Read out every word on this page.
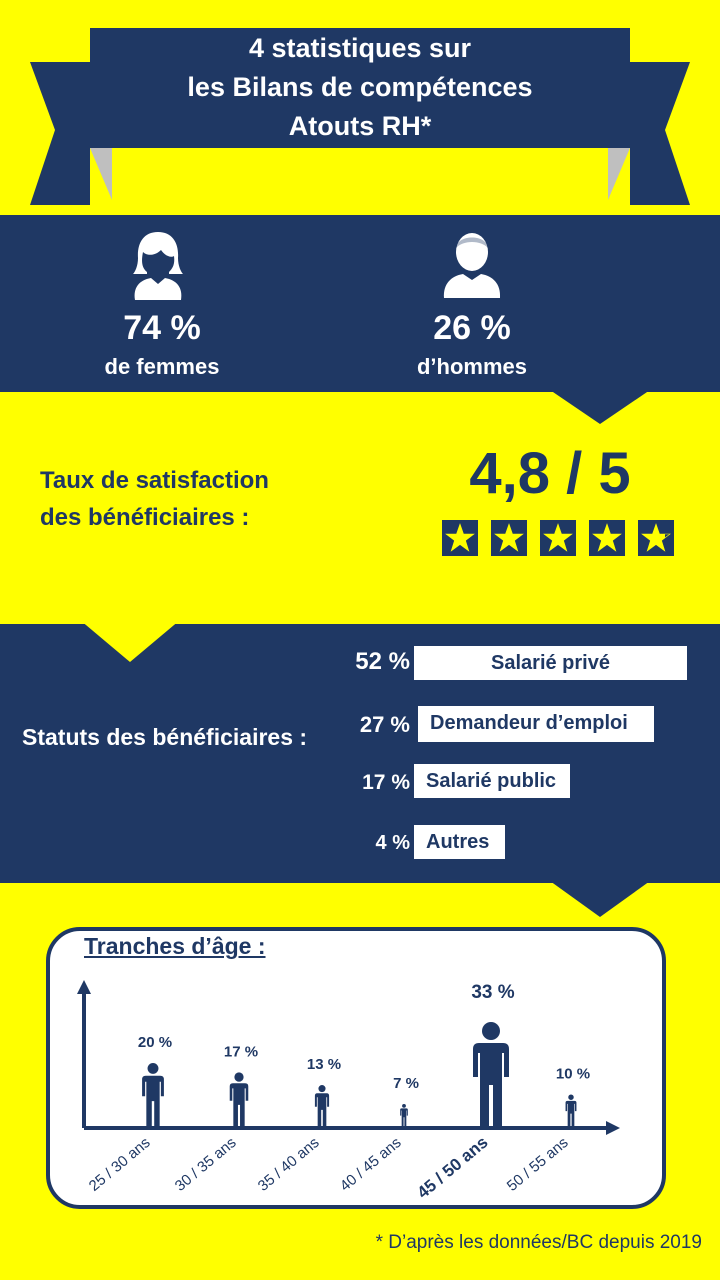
4 statistiques sur
les Bilans de compétences
Atouts RH*
74 %
de femmes
26 %
d’hommes
Taux de satisfaction
des bénéficiaires :
4,8 / 5
Statuts des bénéficiaires :
52 %	Salarié privé
27 %	Demandeur d’emploi
17 % Salarié public
4 % Autres
Tranches d’âge :
20 %
25 / 30 ans
17 %
30 / 35 ans
13 %
35 / 40 ans
7 %
40 / 45 ans
33 %
45 / 50 ans
10 %
50 / 55 ans
* D’après les données/BC depuis 2019
